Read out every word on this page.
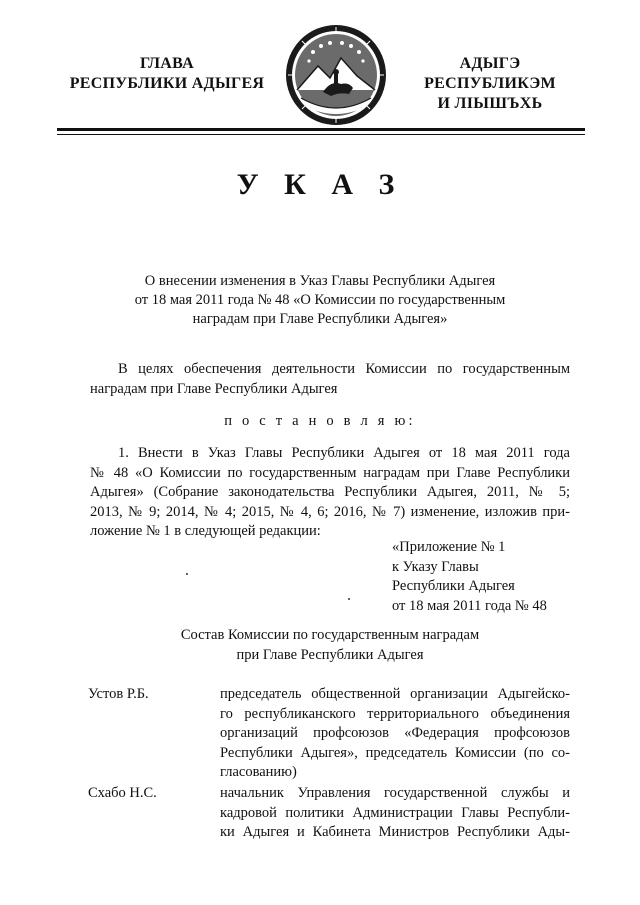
ГЛАВА
РЕСПУБЛИКИ АДЫГЕЯ
АДЫГЭ РЕСПУБЛИКЭМ
И ЛІЫШЪХЬ
У К А З
О внесении изменения в Указ Главы Республики Адыгея
от 18 мая 2011 года № 48 «О Комиссии по государственным
наградам при Главе Республики Адыгея»
В целях обеспечения деятельности Комиссии по государственным
наградам при Главе Республики Адыгея
п о с т а н о в л я ю:
1. Внести в Указ Главы Республики Адыгея от 18 мая 2011 года
№ 48 «О Комиссии по государственным наградам при Главе Республики
Адыгея» (Собрание законодательства Республики Адыгея, 2011, № 5;
2013, № 9; 2014, № 4; 2015, № 4, 6; 2016, № 7) изменение, изложив при-
ложение № 1 в следующей редакции:
«Приложение № 1
к Указу Главы
Республики Адыгея
от 18 мая 2011 года № 48
Состав Комиссии по государственным наградам
при Главе Республики Адыгея
Устов Р.Б.	председатель общественной организации Адыгейско-
го республиканского территориального объединения
организаций профсоюзов «Федерация профсоюзов
Республики Адыгея», председатель Комиссии (по со-
гласованию)
Схабо Н.С.	начальник Управления государственной службы и
кадровой политики Администрации Главы Республи-
ки Адыгея и Кабинета Министров Республики Ады-
